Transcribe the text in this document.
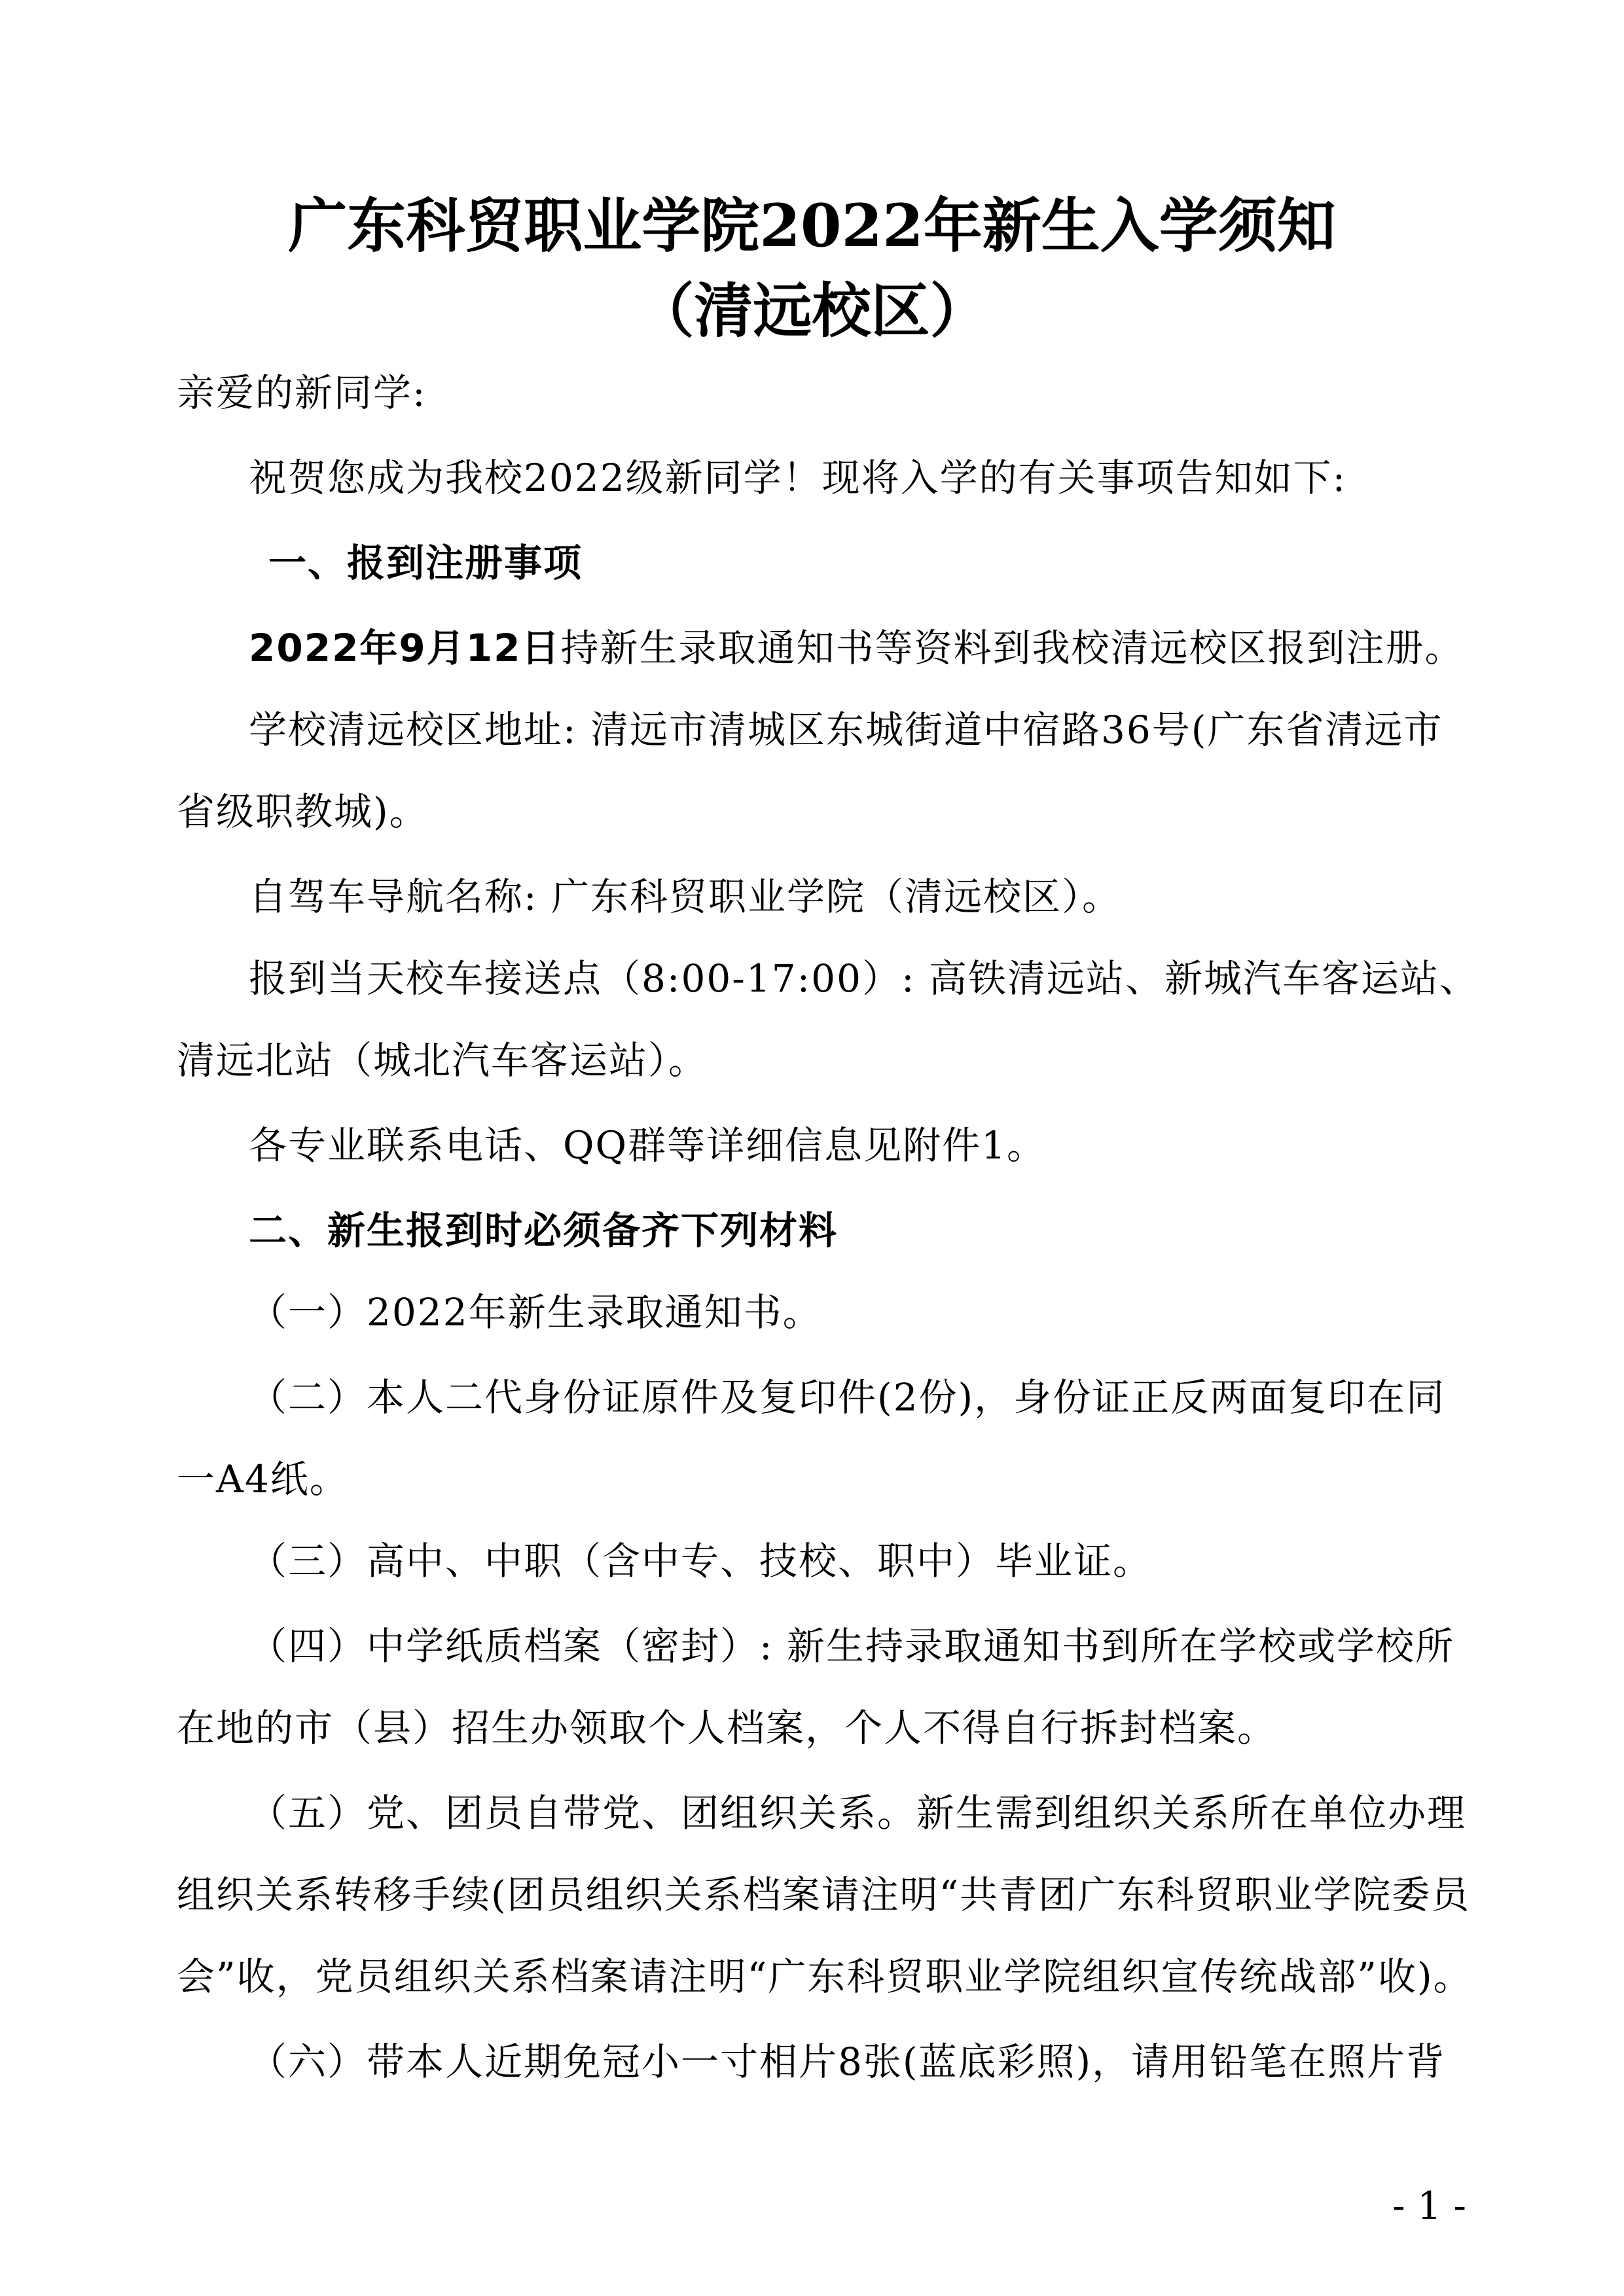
广东科贸职业学院2022年新生入学须知
（清远校区）
亲爱的新同学:
祝贺您成为我校2022级新同学！现将入学的有关事项告知如下:
一、报到注册事项
2022年9月12日持新生录取通知书等资料到我校清远校区报到注册。
学校清远校区地址: 清远市清城区东城街道中宿路36号(广东省清远市
省级职教城)。
自驾车导航名称: 广东科贸职业学院（清远校区）。
报到当天校车接送点（8:00-17:00）: 高铁清远站、新城汽车客运站、
清远北站（城北汽车客运站）。
各专业联系电话、QQ群等详细信息见附件1。
二、新生报到时必须备齐下列材料
（一）2022年新生录取通知书。
（二）本人二代身份证原件及复印件(2份)，身份证正反两面复印在同
一A4纸。
（三）高中、中职（含中专、技校、职中）毕业证。
（四）中学纸质档案（密封）: 新生持录取通知书到所在学校或学校所
在地的市（县）招生办领取个人档案，个人不得自行拆封档案。
（五）党、团员自带党、团组织关系。新生需到组织关系所在单位办理
组织关系转移手续(团员组织关系档案请注明“共青团广东科贸职业学院委员
会”收，党员组织关系档案请注明“广东科贸职业学院组织宣传统战部”收)。
（六）带本人近期免冠小一寸相片8张(蓝底彩照)，请用铅笔在照片背
- 1 -
